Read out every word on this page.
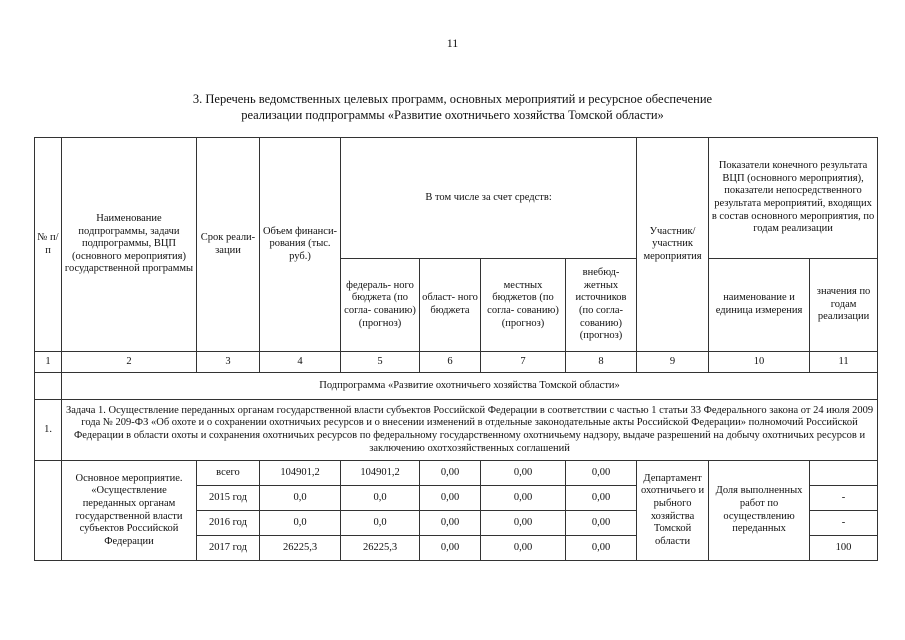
11
3. Перечень ведомственных целевых программ, основных мероприятий и ресурсное обеспечение
реализации подпрограммы «Развитие охотничьего хозяйства Томской области»
№ п/п	Наименование подпрограммы, задачи подпрограммы, ВЦП (основного мероприятия) государственной программы	Срок реали- зации	Объем финанси- рования (тыс. руб.)	В том числе за счет средств:				Участник/ участник мероприятия	Показатели конечного результата ВЦП (основного мероприятия), показатели непосредственного результата мероприятий, входящих в состав основного мероприятия, по годам реализации	
				федераль- ного бюджета (по согла- сованию) (прогноз)	област- ного бюджета	местных бюджетов (по согла- сованию) (прогноз)	внебюд- жетных источников (по согла- сованию) (прогноз)		наименование и единица измерения	значения по годам реализации
1	2	3	4	5	6	7	8	9	10	11
	Подпрограмма «Развитие охотничьего хозяйства Томской области»									
1.	Задача 1. Осуществление переданных органам государственной власти субъектов Российской Федерации в соответствии с частью 1 статьи 33 Федерального закона от 24 июля 2009 года № 209-ФЗ «Об охоте и о сохранении охотничьих ресурсов и о внесении изменений в отдельные законодательные акты Российской Федерации» полномочий Российской Федерации в области охоты и сохранения охотничьих ресурсов по федеральному государственному охотничьему надзору, выдаче разрешений на добычу охотничьих ресурсов и заключению охотхозяйственных соглашений									
	Основное мероприятие. «Осуществление переданных органам государственной власти субъектов Российской Федерации	всего	104901,2	104901,2	0,00	0,00	0,00	Департамент охотничьего и рыбного хозяйства Томской области	Доля выполненных работ по осуществлению переданных	
		2015 год	0,0	0,0	0,00	0,00	0,00			-
		2016 год	0,0	0,0	0,00	0,00	0,00			-
		2017 год	26225,3	26225,3	0,00	0,00	0,00			100
